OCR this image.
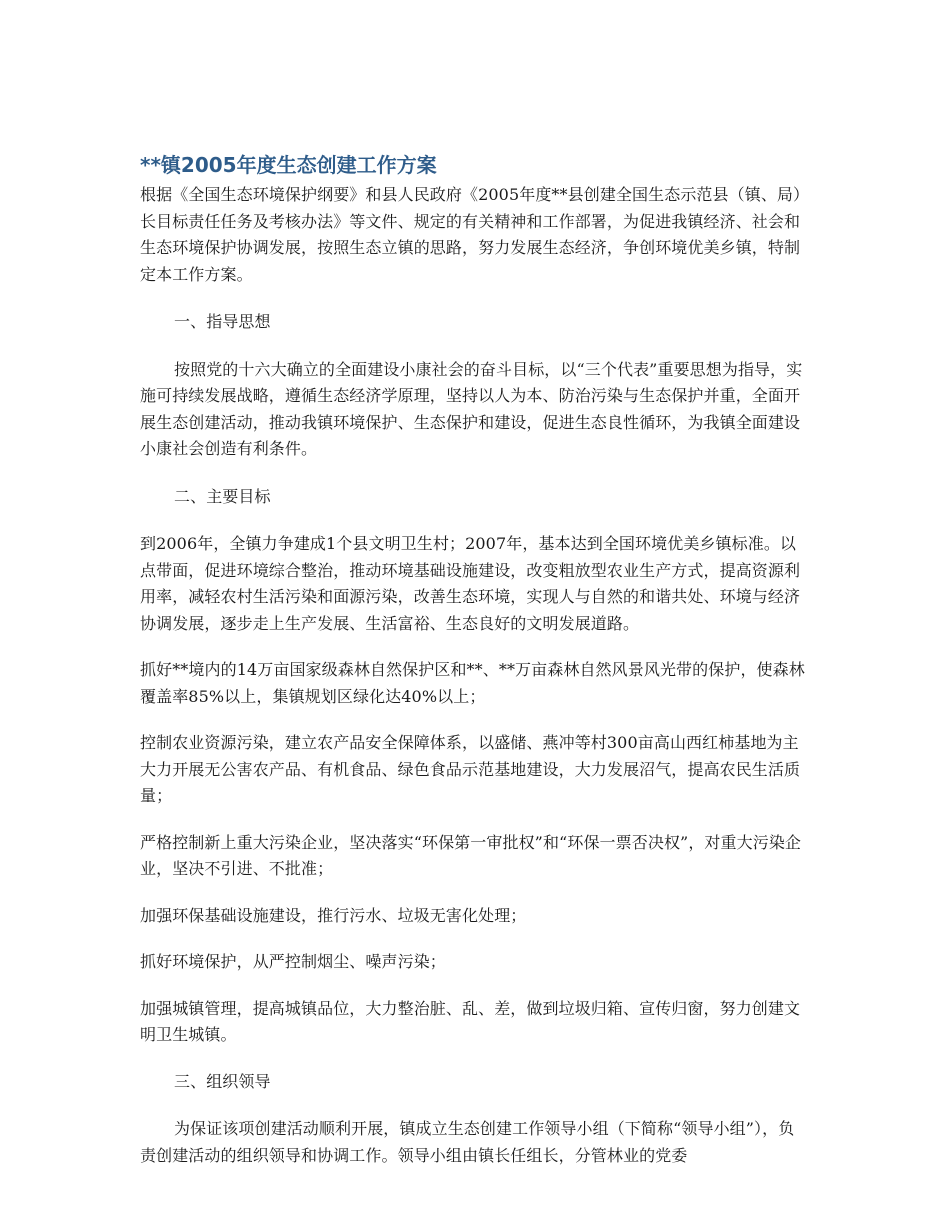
**镇2005年度生态创建工作方案

根据《全国生态环境保护纲要》和县人民政府《2005年度**县创建全国生态示范县（镇、局）长目标责任任务及考核办法》等文件、规定的有关精神和工作部署，为促进我镇经济、社会和生态环境保护协调发展，按照生态立镇的思路，努力发展生态经济，争创环境优美乡镇，特制定本工作方案。

一、指导思想

按照党的十六大确立的全面建设小康社会的奋斗目标，以“三个代表”重要思想为指导，实施可持续发展战略，遵循生态经济学原理，坚持以人为本、防治污染与生态保护并重，全面开展生态创建活动，推动我镇环境保护、生态保护和建设，促进生态良性循环，为我镇全面建设小康社会创造有利条件。

二、主要目标

到2006年，全镇力争建成1个县文明卫生村；2007年，基本达到全国环境优美乡镇标准。以点带面，促进环境综合整治，推动环境基础设施建设，改变粗放型农业生产方式，提高资源利用率，减轻农村生活污染和面源污染，改善生态环境，实现人与自然的和谐共处、环境与经济协调发展，逐步走上生产发展、生活富裕、生态良好的文明发展道路。

抓好**境内的14万亩国家级森林自然保护区和**、**万亩森林自然风景风光带的保护，使森林覆盖率85%以上，集镇规划区绿化达40%以上；

控制农业资源污染，建立农产品安全保障体系，以盛储、燕冲等村300亩高山西红柿基地为主大力开展无公害农产品、有机食品、绿色食品示范基地建设，大力发展沼气，提高农民生活质量；

严格控制新上重大污染企业，坚决落实“环保第一审批权”和“环保一票否决权”，对重大污染企业，坚决不引进、不批准；

加强环保基础设施建设，推行污水、垃圾无害化处理；

抓好环境保护，从严控制烟尘、噪声污染；

加强城镇管理，提高城镇品位，大力整治脏、乱、差，做到垃圾归箱、宣传归窗，努力创建文明卫生城镇。

三、组织领导

为保证该项创建活动顺利开展，镇成立生态创建工作领导小组（下简称“领导小组”），负责创建活动的组织领导和协调工作。领导小组由镇长任组长，分管林业的党委
